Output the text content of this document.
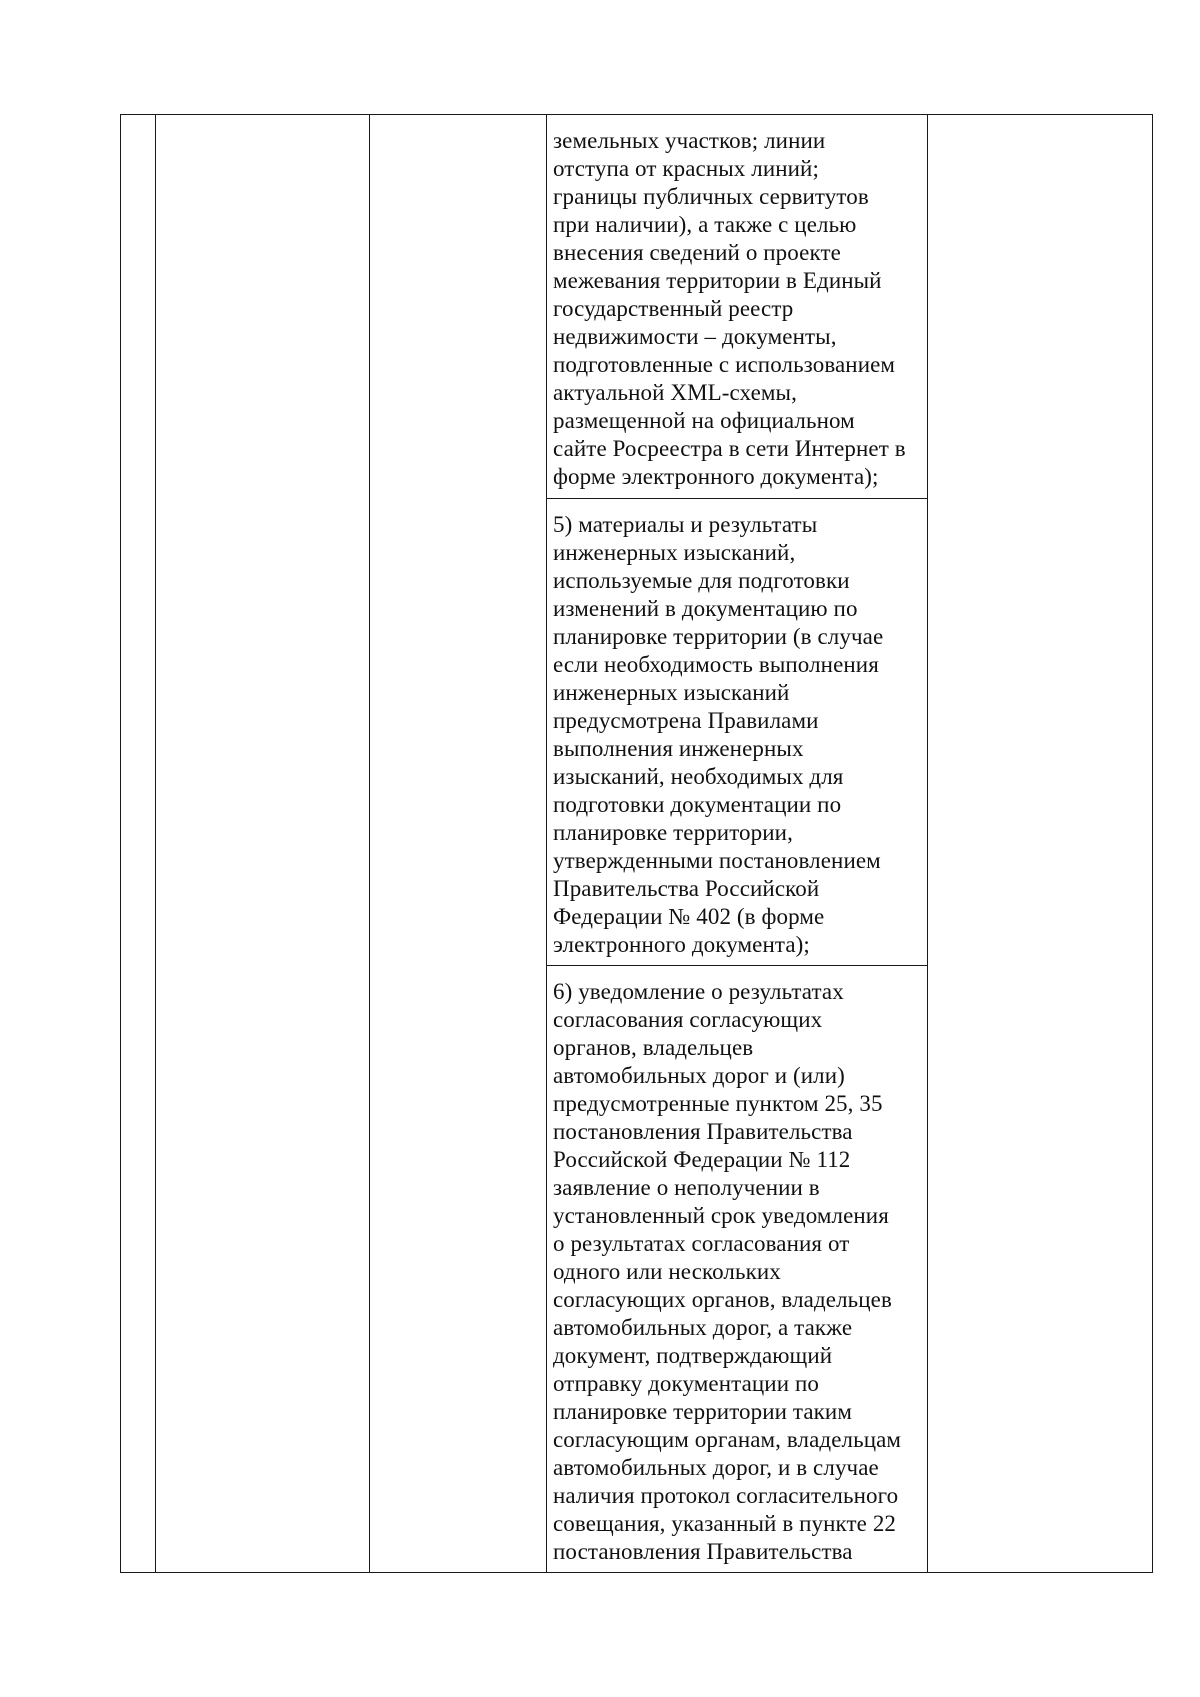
земельных участков; линии
отступа от красных линий;
границы публичных сервитутов
при наличии), а также с целью
внесения сведений о проекте
межевания территории в Единый
государственный реестр
недвижимости – документы,
подготовленные с использованием
актуальной XML-схемы,
размещенной на официальном
сайте Росреестра в сети Интернет в
форме электронного документа);

5) материалы и результаты
инженерных изысканий,
используемые для подготовки
изменений в документацию по
планировке территории (в случае
если необходимость выполнения
инженерных изысканий
предусмотрена Правилами
выполнения инженерных
изысканий, необходимых для
подготовки документации по
планировке территории,
утвержденными постановлением
Правительства Российской
Федерации № 402 (в форме
электронного документа);

6) уведомление о результатах
согласования согласующих
органов, владельцев
автомобильных дорог и (или)
предусмотренные пунктом 25, 35
постановления Правительства
Российской Федерации № 112
заявление о неполучении в
установленный срок уведомления
о результатах согласования от
одного или нескольких
согласующих органов, владельцев
автомобильных дорог, а также
документ, подтверждающий
отправку документации по
планировке территории таким
согласующим органам, владельцам
автомобильных дорог, и в случае
наличия протокол согласительного
совещания, указанный в пункте 22
постановления Правительства
